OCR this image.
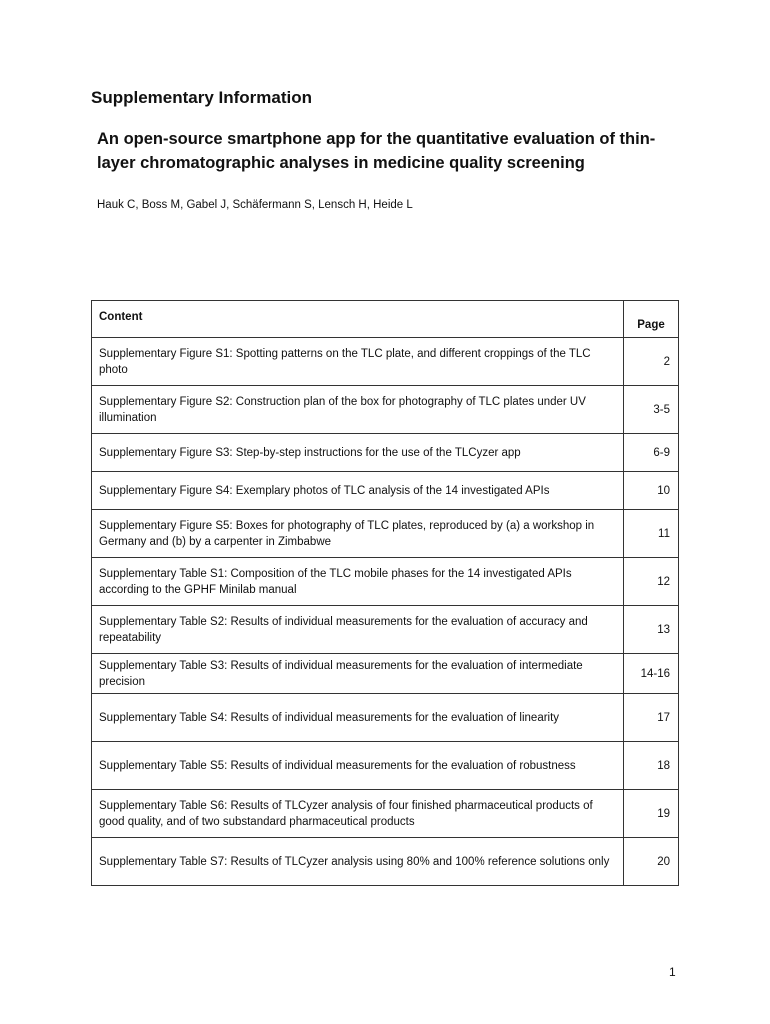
Supplementary Information
An open-source smartphone app for the quantitative evaluation of thin-layer chromatographic analyses in medicine quality screening
Hauk C, Boss M, Gabel J, Schäfermann S, Lensch H, Heide L
Content	Page
Supplementary Figure S1: Spotting patterns on the TLC plate, and different croppings of the TLC photo	2
Supplementary Figure S2: Construction plan of the box for photography of TLC plates under UV illumination	3-5
Supplementary Figure S3: Step-by-step instructions for the use of the TLCyzer app	6-9
Supplementary Figure S4: Exemplary photos of TLC analysis of the 14 investigated APIs	10
Supplementary Figure S5: Boxes for photography of TLC plates, reproduced by (a) a workshop in Germany and (b) by a carpenter in Zimbabwe	11
Supplementary Table S1: Composition of the TLC mobile phases for the 14 investigated APIs according to the GPHF Minilab manual	12
Supplementary Table S2: Results of individual measurements for the evaluation of accuracy and repeatability	13
Supplementary Table S3: Results of individual measurements for the evaluation of intermediate precision	14-16
Supplementary Table S4: Results of individual measurements for the evaluation of linearity	17
Supplementary Table S5: Results of individual measurements for the evaluation of robustness	18
Supplementary Table S6: Results of TLCyzer analysis of four finished pharmaceutical products of good quality, and of two substandard pharmaceutical products	19
Supplementary Table S7: Results of TLCyzer analysis using 80% and 100% reference solutions only	20
1
